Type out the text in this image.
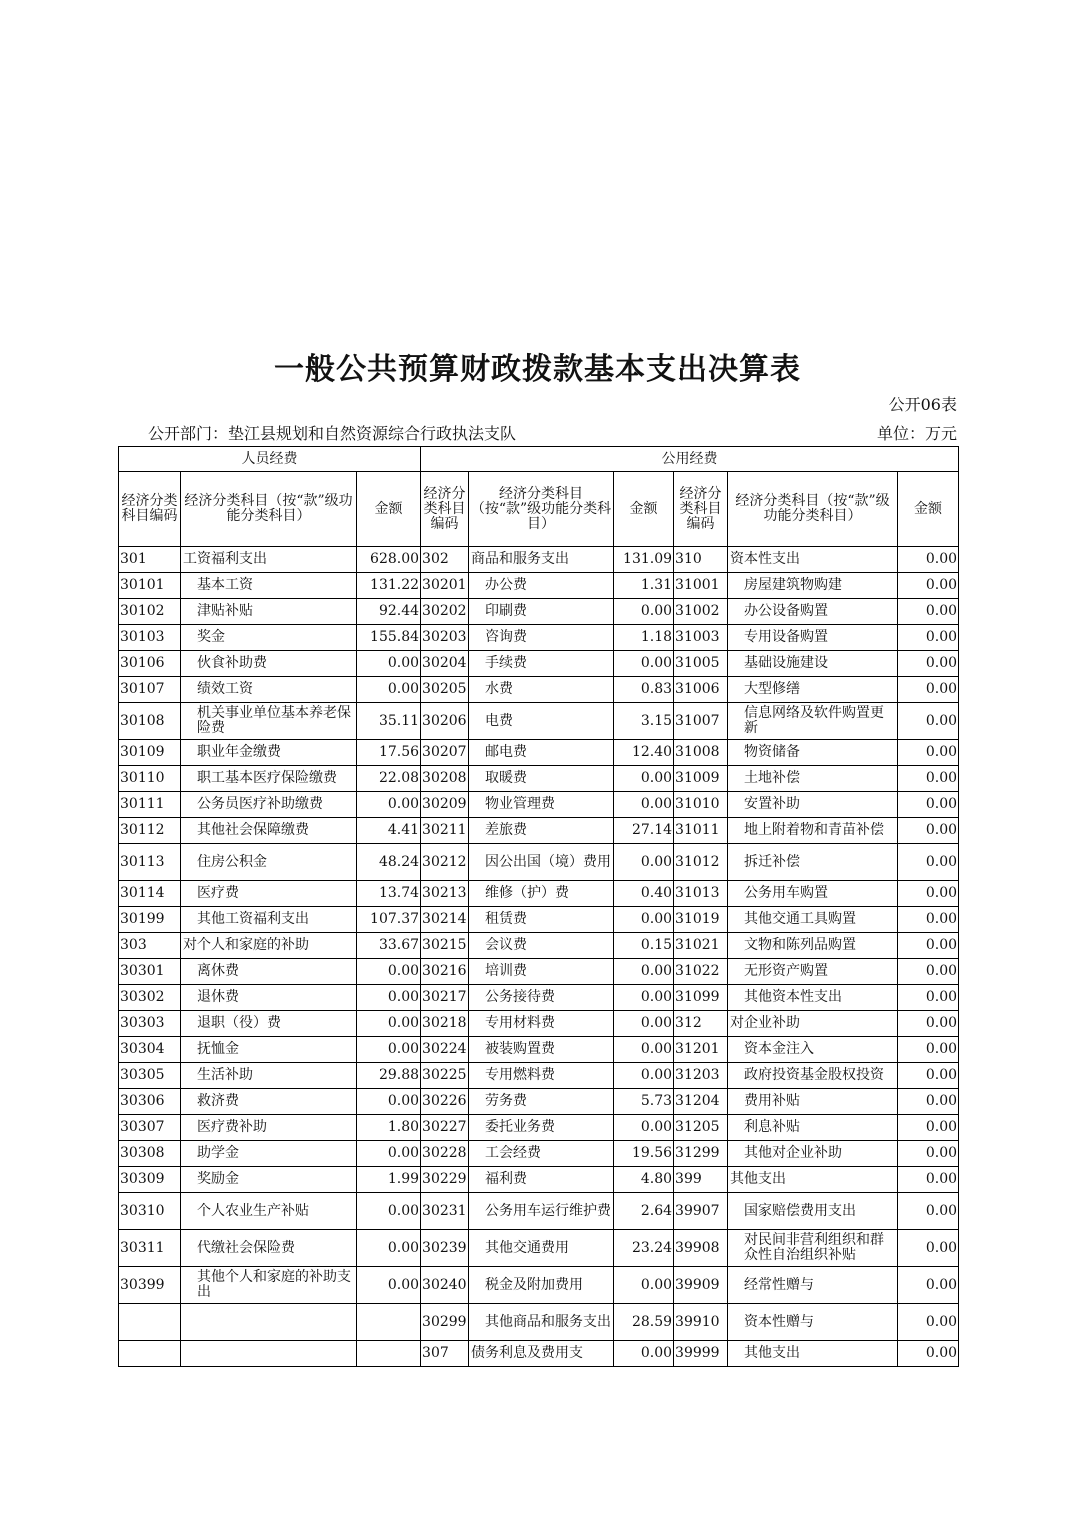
一般公共预算财政拨款基本支出决算表
公开06表
公开部门：垫江县规划和自然资源综合行政执法支队	单位：万元
人员经费			公用经费					
经济分类科目编码	经济分类科目（按“款”级功能分类科目）	金额	经济分类科目编码	经济分类科目（按“款”级功能分类科目）	金额	经济分类科目编码	经济分类科目（按“款”级功能分类科目）	金额
301	工资福利支出	628.00	302	商品和服务支出	131.09	310	资本性支出	0.00
30101	基本工资	131.22	30201	办公费	1.31	31001	房屋建筑物购建	0.00
30102	津贴补贴	92.44	30202	印刷费	0.00	31002	办公设备购置	0.00
30103	奖金	155.84	30203	咨询费	1.18	31003	专用设备购置	0.00
30106	伙食补助费	0.00	30204	手续费	0.00	31005	基础设施建设	0.00
30107	绩效工资	0.00	30205	水费	0.83	31006	大型修缮	0.00
30108	机关事业单位基本养老保险费	35.11	30206	电费	3.15	31007	信息网络及软件购置更新	0.00
30109	职业年金缴费	17.56	30207	邮电费	12.40	31008	物资储备	0.00
30110	职工基本医疗保险缴费	22.08	30208	取暖费	0.00	31009	土地补偿	0.00
30111	公务员医疗补助缴费	0.00	30209	物业管理费	0.00	31010	安置补助	0.00
30112	其他社会保障缴费	4.41	30211	差旅费	27.14	31011	地上附着物和青苗补偿	0.00
30113	住房公积金	48.24	30212	因公出国（境）费用	0.00	31012	拆迁补偿	0.00
30114	医疗费	13.74	30213	维修（护）费	0.40	31013	公务用车购置	0.00
30199	其他工资福利支出	107.37	30214	租赁费	0.00	31019	其他交通工具购置	0.00
303	对个人和家庭的补助	33.67	30215	会议费	0.15	31021	文物和陈列品购置	0.00
30301	离休费	0.00	30216	培训费	0.00	31022	无形资产购置	0.00
30302	退休费	0.00	30217	公务接待费	0.00	31099	其他资本性支出	0.00
30303	退职（役）费	0.00	30218	专用材料费	0.00	312	对企业补助	0.00
30304	抚恤金	0.00	30224	被装购置费	0.00	31201	资本金注入	0.00
30305	生活补助	29.88	30225	专用燃料费	0.00	31203	政府投资基金股权投资	0.00
30306	救济费	0.00	30226	劳务费	5.73	31204	费用补贴	0.00
30307	医疗费补助	1.80	30227	委托业务费	0.00	31205	利息补贴	0.00
30308	助学金	0.00	30228	工会经费	19.56	31299	其他对企业补助	0.00
30309	奖励金	1.99	30229	福利费	4.80	399	其他支出	0.00
30310	个人农业生产补贴	0.00	30231	公务用车运行维护费	2.64	39907	国家赔偿费用支出	0.00
30311	代缴社会保险费	0.00	30239	其他交通费用	23.24	39908	对民间非营利组织和群众性自治组织补贴	0.00
30399	其他个人和家庭的补助支出	0.00	30240	税金及附加费用	0.00	39909	经常性赠与	0.00
			30299	其他商品和服务支出	28.59	39910	资本性赠与	0.00
			307	债务利息及费用支	0.00	39999	其他支出	0.00
